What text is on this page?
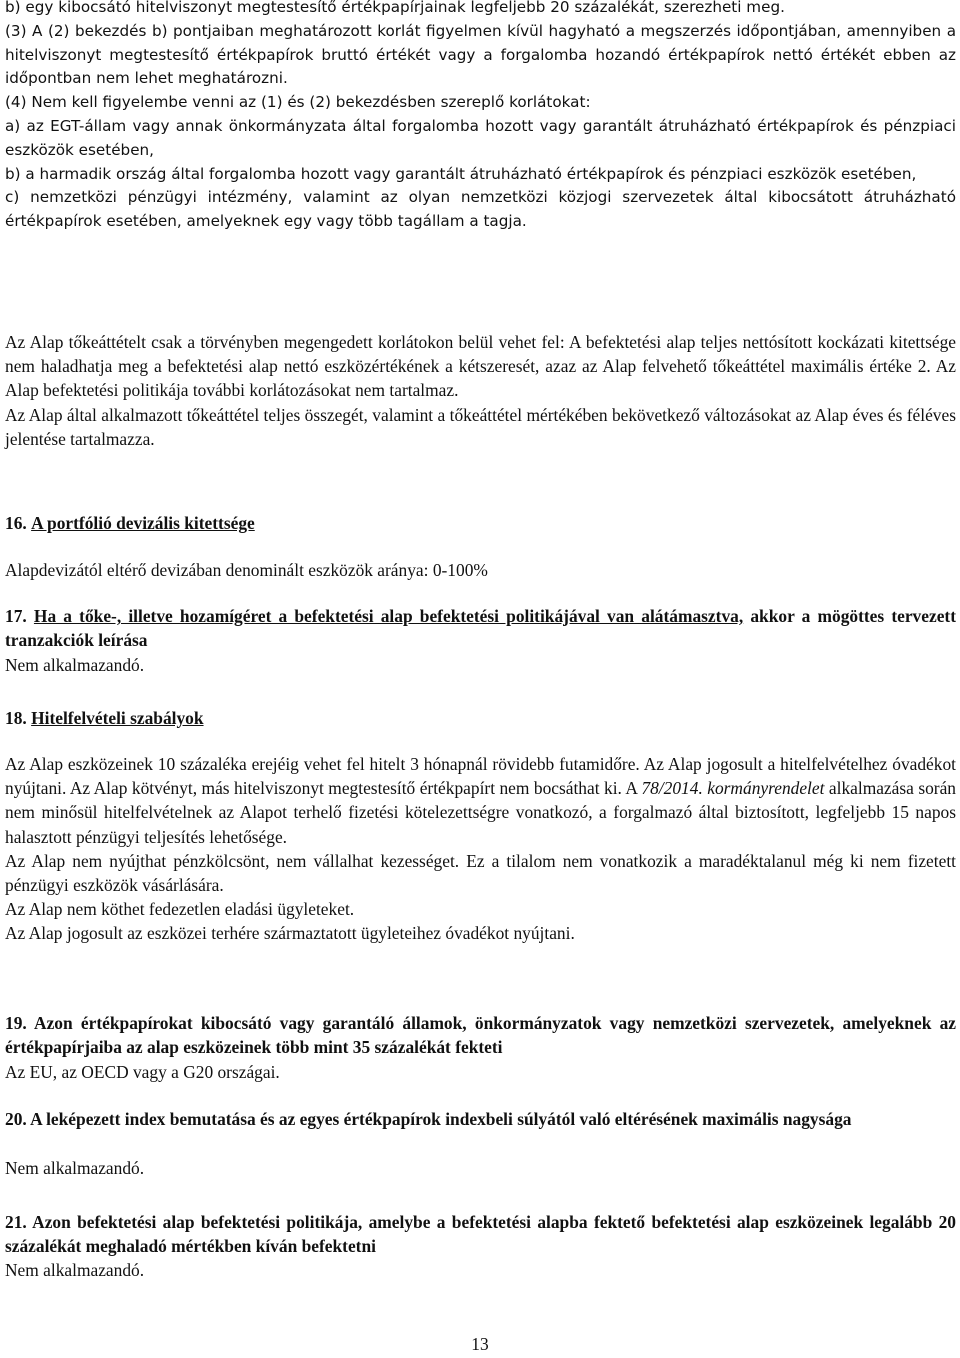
b) egy kibocsátó hitelviszonyt megtestesítő értékpapírjainak legfeljebb 20 százalékát, szerezheti meg.

(3) A (2) bekezdés b) pontjaiban meghatározott korlát figyelmen kívül hagyható a megszerzés időpontjában, amennyiben a hitelviszonyt megtestesítő értékpapírok bruttó értékét vagy a forgalomba hozandó értékpapírok nettó értékét ebben az időpontban nem lehet meghatározni.

(4) Nem kell figyelembe venni az (1) és (2) bekezdésben szereplő korlátokat:

a) az EGT-állam vagy annak önkormányzata által forgalomba hozott vagy garantált átruházható értékpapírok és pénzpiaci eszközök esetében,

b) a harmadik ország által forgalomba hozott vagy garantált átruházható értékpapírok és pénzpiaci eszközök esetében,

c) nemzetközi pénzügyi intézmény, valamint az olyan nemzetközi közjogi szervezetek által kibocsátott átruházható értékpapírok esetében, amelyeknek egy vagy több tagállam a tagja.

Az Alap tőkeáttételt csak a törvényben megengedett korlátokon belül vehet fel: A befektetési alap teljes nettósított kockázati kitettsége nem haladhatja meg a befektetési alap nettó eszközértékének a kétszeresét, azaz az Alap felvehető tőkeáttétel maximális értéke 2. Az Alap befektetési politikája további korlátozásokat nem tartalmaz.

Az Alap által alkalmazott tőkeáttétel teljes összegét, valamint a tőkeáttétel mértékében bekövetkező változásokat az Alap éves és féléves jelentése tartalmazza.

16. A portfólió devizális kitettsége
Alapdevizától eltérő devizában denominált eszközök aránya: 0-100%
17. Ha a tőke-, illetve hozamígéret a befektetési alap befektetési politikájával van alátámasztva, akkor a mögöttes tervezett tranzakciók leírása
Nem alkalmazandó.
18. Hitelfelvételi szabályok

Az Alap eszközeinek 10 százaléka erejéig vehet fel hitelt 3 hónapnál rövidebb futamidőre. Az Alap jogosult a hitelfelvételhez óvadékot nyújtani. Az Alap kötvényt, más hitelviszonyt megtestesítő értékpapírt nem bocsáthat ki. A 78/2014. kormányrendelet alkalmazása során nem minősül hitelfelvételnek az Alapot terhelő fizetési kötelezettségre vonatkozó, a forgalmazó által biztosított, legfeljebb 15 napos halasztott pénzügyi teljesítés lehetősége.

Az Alap nem nyújthat pénzkölcsönt, nem vállalhat kezességet. Ez a tilalom nem vonatkozik a maradéktalanul még ki nem fizetett pénzügyi eszközök vásárlására.

Az Alap nem köthet fedezetlen eladási ügyleteket.

Az Alap jogosult az eszközei terhére származtatott ügyleteihez óvadékot nyújtani.

19. Azon értékpapírokat kibocsátó vagy garantáló államok, önkormányzatok vagy nemzetközi szervezetek, amelyeknek az értékpapírjaiba az alap eszközeinek több mint 35 százalékát fekteti
Az EU, az OECD vagy a G20 országai.
20. A leképezett index bemutatása és az egyes értékpapírok indexbeli súlyától való eltérésének maximális nagysága
Nem alkalmazandó.
21. Azon befektetési alap befektetési politikája, amelybe a befektetési alapba fektető befektetési alap eszközeinek legalább 20 százalékát meghaladó mértékben kíván befektetni
Nem alkalmazandó.
13
